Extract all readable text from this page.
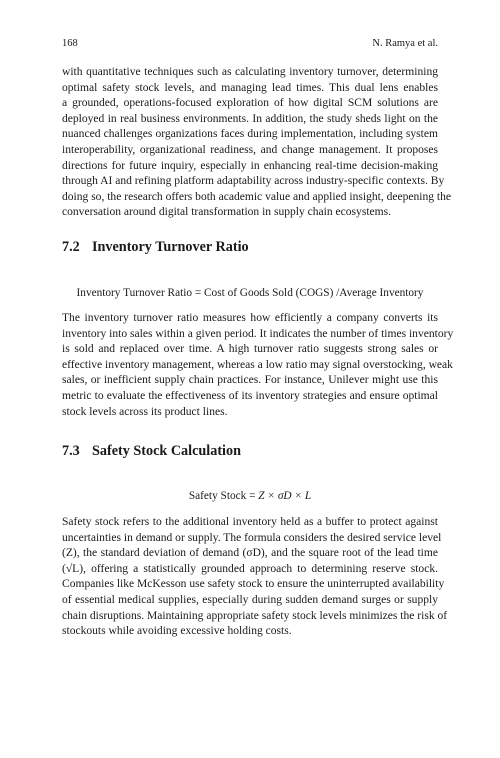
168	N. Ramya et al.
with quantitative techniques such as calculating inventory turnover, determining
optimal safety stock levels, and managing lead times. This dual lens enables
a grounded, operations-focused exploration of how digital SCM solutions are
deployed in real business environments. In addition, the study sheds light on the
nuanced challenges organizations faces during implementation, including system
interoperability, organizational readiness, and change management. It proposes
directions for future inquiry, especially in enhancing real-time decision-making
through AI and refining platform adaptability across industry-specific contexts. By
doing so, the research offers both academic value and applied insight, deepening the
conversation around digital transformation in supply chain ecosystems.
7.2 Inventory Turnover Ratio
Inventory Turnover Ratio = Cost of Goods Sold (COGS) /Average Inventory
The inventory turnover ratio measures how efficiently a company converts its
inventory into sales within a given period. It indicates the number of times inventory
is sold and replaced over time. A high turnover ratio suggests strong sales or
effective inventory management, whereas a low ratio may signal overstocking, weak
sales, or inefficient supply chain practices. For instance, Unilever might use this
metric to evaluate the effectiveness of its inventory strategies and ensure optimal
stock levels across its product lines.
7.3 Safety Stock Calculation
Safety Stock = Z × σD × L
Safety stock refers to the additional inventory held as a buffer to protect against
uncertainties in demand or supply. The formula considers the desired service level
(Z), the standard deviation of demand (σD), and the square root of the lead time
(√L), offering a statistically grounded approach to determining reserve stock.
Companies like McKesson use safety stock to ensure the uninterrupted availability
of essential medical supplies, especially during sudden demand surges or supply
chain disruptions. Maintaining appropriate safety stock levels minimizes the risk of
stockouts while avoiding excessive holding costs.
